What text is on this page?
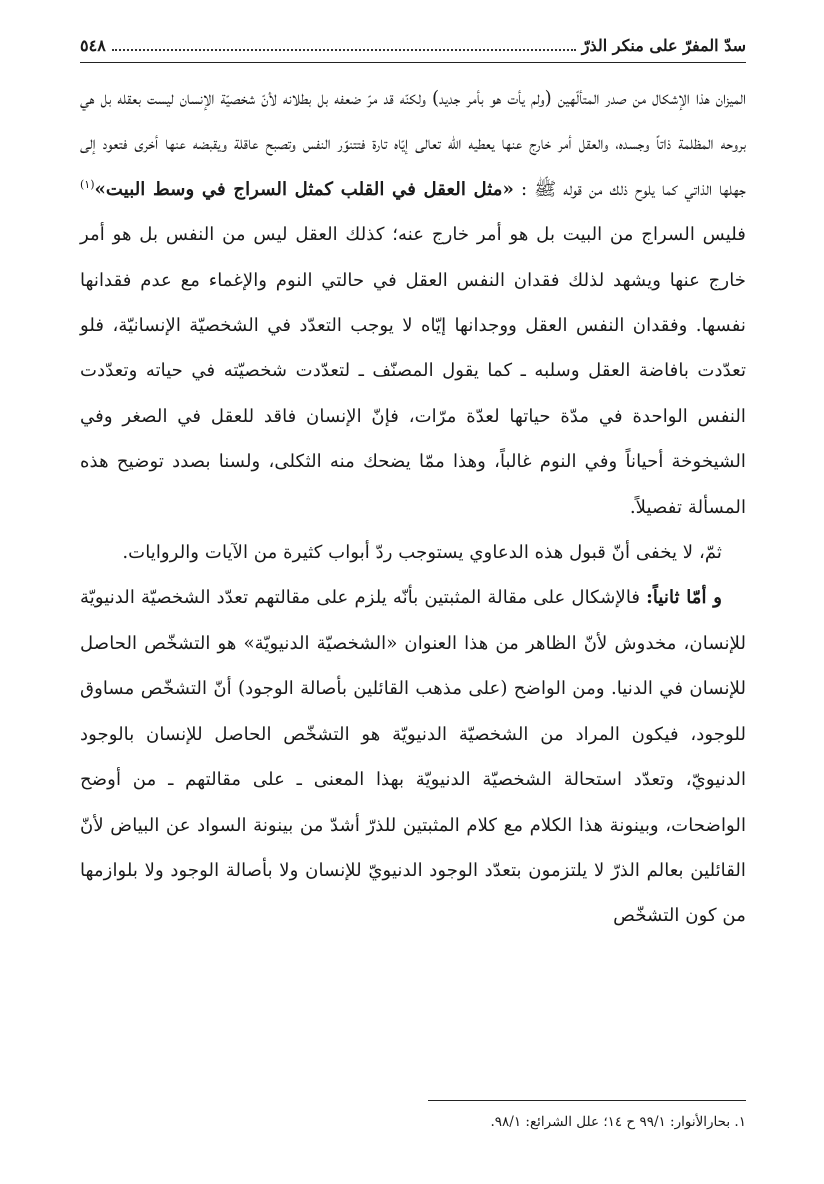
سدّ المفرّ على منكر الذرّ
٥٤٨

الميزان هذا الإشكال من صدر المتألّهين (ولم يأت هو بأمر جديد) ولكنّه قد مرّ ضعفه بل بطلانه لأنّ شخصيّة الإنسان ليست بعقله بل هي بروحه المظلمة ذاتاً وجسده، والعقل أمر خارج عنها يعطيه الله تعالى إيّاه تارة فتتنوّر النفس وتصبح عاقلة ويقبضه عنها أخرى فتعود إلى جهلها الذاتي كما يلوح ذلك من قوله ﷺ : «مثل العقل في القلب كمثل السراج في وسط البيت»$^{(١)}$ فليس السراج من البيت بل هو أمر خارج عنه؛ كذلك العقل ليس من النفس بل هو أمر خارج عنها ويشهد لذلك فقدان النفس العقل في حالتي النوم والإغماء مع عدم فقدانها نفسها. وفقدان النفس العقل ووجدانها إيّاه لا يوجب التعدّد في الشخصيّة الإنسانيّة، فلو تعدّدت بافاضة العقل وسلبه ـ كما يقول المصنّف ـ لتعدّدت شخصيّته في حياته وتعدّدت النفس الواحدة في مدّة حياتها لعدّة مرّات، فإنّ الإنسان فاقد للعقل في الصغر وفي الشيخوخة أحياناً وفي النوم غالباً، وهذا ممّا يضحك منه الثكلى، ولسنا بصدد توضيح هذه المسألة تفصيلاً.

ثمّ، لا يخفى أنّ قبول هذه الدعاوي يستوجب ردّ أبواب كثيرة من الآيات والروايات.

و أمّا ثانياً: فالإشكال على مقالة المثبتين بأنّه يلزم على مقالتهم تعدّد الشخصيّة الدنيويّة للإنسان، مخدوش لأنّ الظاهر من هذا العنوان «الشخصيّة الدنيويّة» هو التشخّص الحاصل للإنسان في الدنيا. ومن الواضح (على مذهب القائلين بأصالة الوجود) أنّ التشخّص مساوق للوجود، فيكون المراد من الشخصيّة الدنيويّة هو التشخّص الحاصل للإنسان بالوجود الدنيويّ، وتعدّد استحالة الشخصيّة الدنيويّة بهذا المعنى ـ على مقالتهم ـ من أوضح الواضحات، وبينونة هذا الكلام مع كلام المثبتين للذرّ أشدّ من بينونة السواد عن البياض لأنّ القائلين بعالم الذرّ لا يلتزمون بتعدّد الوجود الدنيويّ للإنسان ولا بأصالة الوجود ولا بلوازمها من كون التشخّص

١. بحارالأنوار: ٩٩/١ ح ١٤؛ علل الشرائع: ٩٨/١.
